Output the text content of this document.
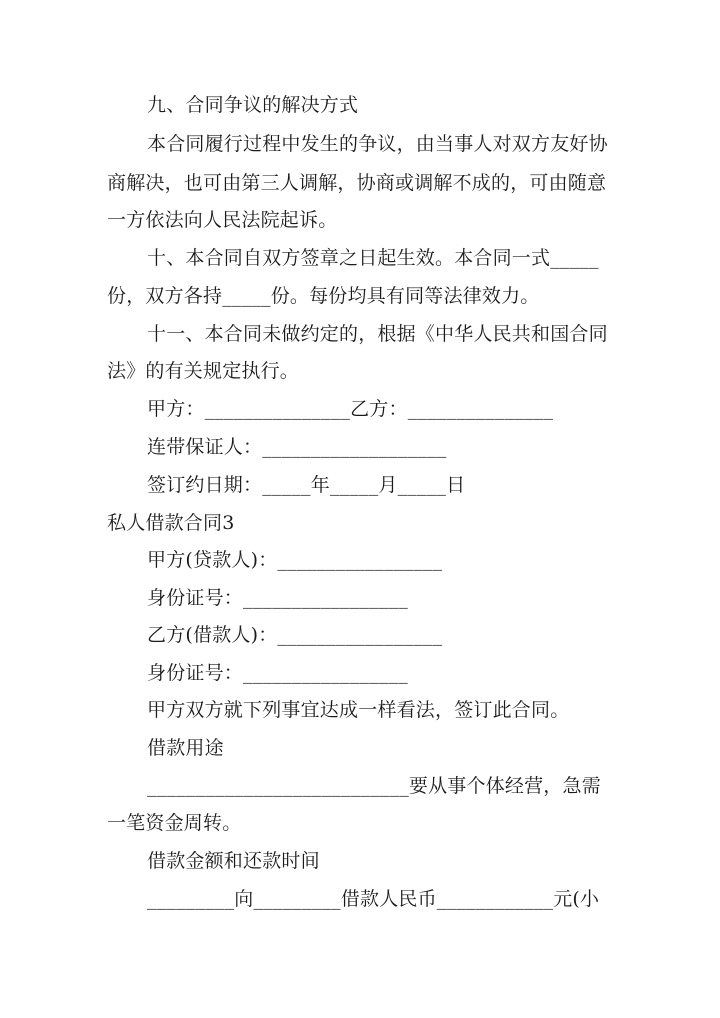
九、合同争议的解决方式
本合同履行过程中发生的争议，由当事人对双方友好协
商解决，也可由第三人调解，协商或调解不成的，可由随意
一方依法向人民法院起诉。
十、本合同自双方签章之日起生效。本合同一式_____
份，双方各持_____份。每份均具有同等法律效力。
十一、本合同未做约定的，根据《中华人民共和国合同
法》的有关规定执行。
甲方：_______________乙方：_______________
连带保证人：___________________
签订约日期：_____年_____月_____日
私人借款合同3
甲方(贷款人)：_________________
身份证号：_________________
乙方(借款人)：_________________
身份证号：_________________
甲方双方就下列事宜达成一样看法，签订此合同。
借款用途
___________________________要从事个体经营，急需
一笔资金周转。
借款金额和还款时间
_________向_________借款人民币____________元(小
